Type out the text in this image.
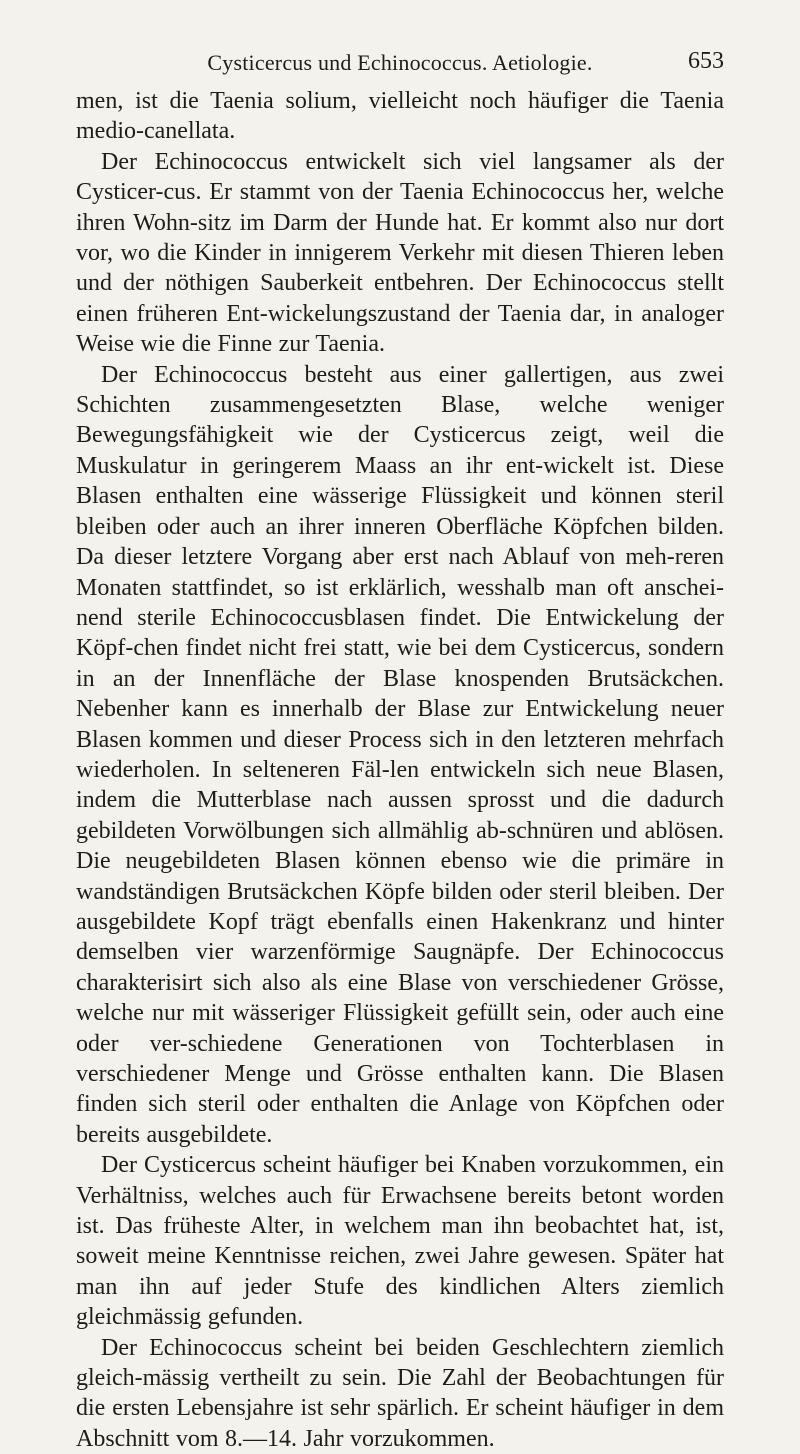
Cysticercus und Echinococcus. Aetiologie.	653

men, ist die Taenia solium, vielleicht noch häufiger die Taenia medio-canellata.

Der Echinococcus entwickelt sich viel langsamer als der Cysticer-cus. Er stammt von der Taenia Echinococcus her, welche ihren Wohn-sitz im Darm der Hunde hat. Er kommt also nur dort vor, wo die Kinder in innigerem Verkehr mit diesen Thieren leben und der nöthigen Sauberkeit entbehren. Der Echinococcus stellt einen früheren Ent-wickelungszustand der Taenia dar, in analoger Weise wie die Finne zur Taenia.

Der Echinococcus besteht aus einer gallertigen, aus zwei Schichten zusammengesetzten Blase, welche weniger Bewegungsfähigkeit wie der Cysticercus zeigt, weil die Muskulatur in geringerem Maass an ihr ent-wickelt ist. Diese Blasen enthalten eine wässerige Flüssigkeit und können steril bleiben oder auch an ihrer inneren Oberfläche Köpfchen bilden. Da dieser letztere Vorgang aber erst nach Ablauf von meh-reren Monaten stattfindet, so ist erklärlich, wesshalb man oft anschei-nend sterile Echinococcusblasen findet. Die Entwickelung der Köpf-chen findet nicht frei statt, wie bei dem Cysticercus, sondern in an der Innenfläche der Blase knospenden Brutsäckchen. Nebenher kann es innerhalb der Blase zur Entwickelung neuer Blasen kommen und dieser Process sich in den letzteren mehrfach wiederholen. In selteneren Fäl-len entwickeln sich neue Blasen, indem die Mutterblase nach aussen sprosst und die dadurch gebildeten Vorwölbungen sich allmählig ab-schnüren und ablösen. Die neugebildeten Blasen können ebenso wie die primäre in wandständigen Brutsäckchen Köpfe bilden oder steril bleiben. Der ausgebildete Kopf trägt ebenfalls einen Hakenkranz und hinter demselben vier warzenförmige Saugnäpfe. Der Echinococcus charakterisirt sich also als eine Blase von verschiedener Grösse, welche nur mit wässeriger Flüssigkeit gefüllt sein, oder auch eine oder ver-schiedene Generationen von Tochterblasen in verschiedener Menge und Grösse enthalten kann. Die Blasen finden sich steril oder enthalten die Anlage von Köpfchen oder bereits ausgebildete.

Der Cysticercus scheint häufiger bei Knaben vorzukommen, ein Verhältniss, welches auch für Erwachsene bereits betont worden ist. Das früheste Alter, in welchem man ihn beobachtet hat, ist, soweit meine Kenntnisse reichen, zwei Jahre gewesen. Später hat man ihn auf jeder Stufe des kindlichen Alters ziemlich gleichmässig gefunden.

Der Echinococcus scheint bei beiden Geschlechtern ziemlich gleich-mässig vertheilt zu sein. Die Zahl der Beobachtungen für die ersten Lebensjahre ist sehr spärlich. Er scheint häufiger in dem Abschnitt vom 8.—14. Jahr vorzukommen.
